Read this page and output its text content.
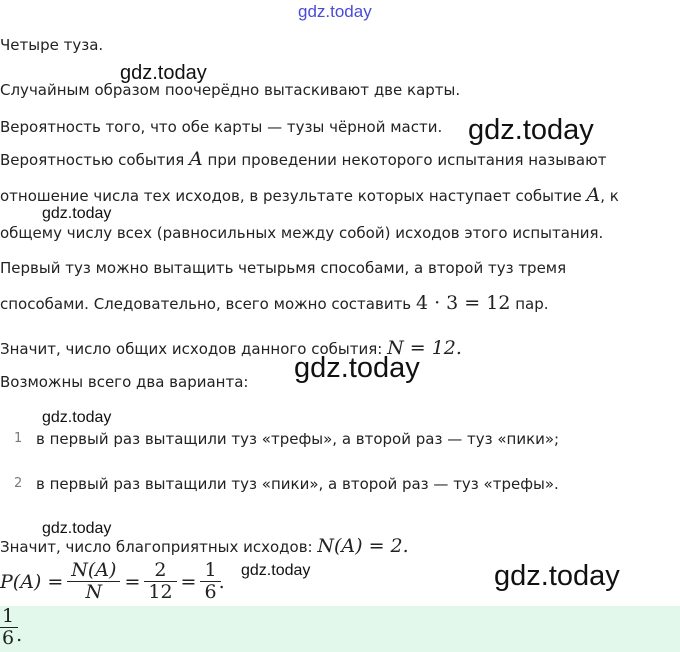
gdz.today
Четыре туза.
gdz.today
Случайным образом поочерёдно вытаскивают две карты.
Вероятность того, что обе карты — тузы чёрной масти. gdz.today
Вероятностью события A при проведении некоторого испытания называют
отношение числа тех исходов, в результате которых наступает событие A, к
gdz.today
общему числу всех (равносильных между собой) исходов этого испытания.
Первый туз можно вытащить четырьмя способами, а второй туз тремя
способами. Следовательно, всего можно составить 4 · 3 = 12 пар.
Значит, число общих исходов данного события: N = 12.
gdz.today
Возможны всего два варианта:
gdz.today
1 в первый раз вытащили туз «трефы», а второй раз — туз «пики»;
2 в первый раз вытащили туз «пики», а второй раз — туз «трефы».
gdz.today
Значит, число благоприятных исходов: N(A) = 2.
$P(A) = \frac{N(A)}{N} = \frac{2}{12} = \frac{1}{6}$ . gdz.today	gdz.today
$\frac{1}{6}$ .
